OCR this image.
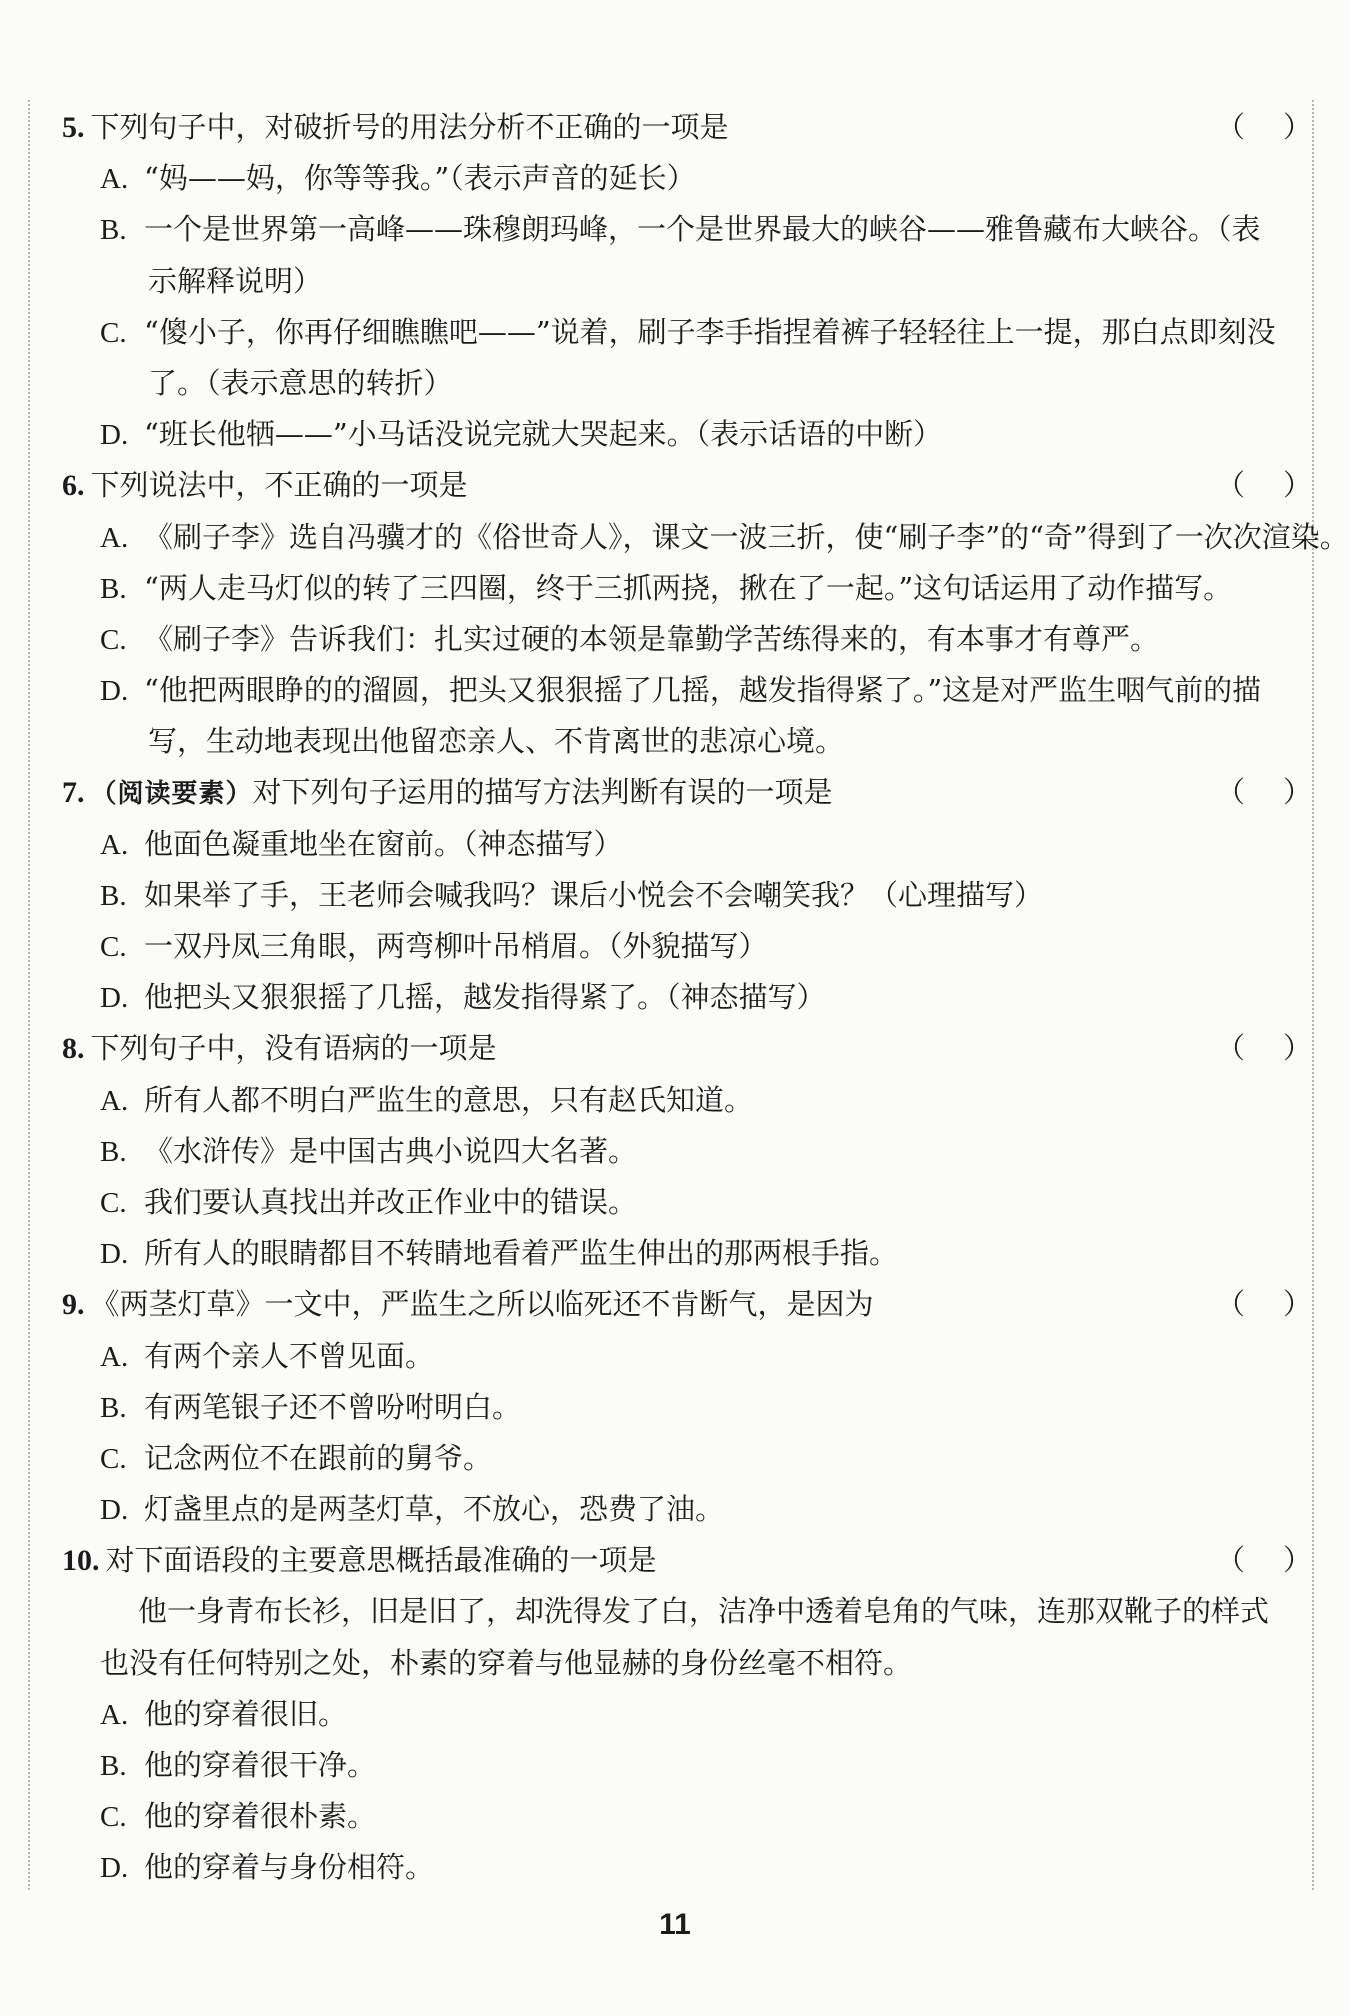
5. 下列句子中，对破折号的用法分析不正确的一项是	（ ）
A. “妈——妈，你等等我。”（表示声音的延长）
B. 一个是世界第一高峰——珠穆朗玛峰，一个是世界最大的峡谷——雅鲁藏布大峡谷。（表
示解释说明）
C. “傻小子，你再仔细瞧瞧吧——”说着，刷子李手指捏着裤子轻轻往上一提，那白点即刻没
了。（表示意思的转折）
D. “班长他牺——”小马话没说完就大哭起来。（表示话语的中断）
6. 下列说法中，不正确的一项是	（ ）
A. 《刷子李》选自冯骥才的《俗世奇人》，课文一波三折，使“刷子李”的“奇”得到了一次次渲染。
B. “两人走马灯似的转了三四圈，终于三抓两挠，揪在了一起。”这句话运用了动作描写。
C. 《刷子李》告诉我们：扎实过硬的本领是靠勤学苦练得来的，有本事才有尊严。
D. “他把两眼睁的的溜圆，把头又狠狠摇了几摇，越发指得紧了。”这是对严监生咽气前的描
写，生动地表现出他留恋亲人、不肯离世的悲凉心境。
7. （阅读要素）对下列句子运用的描写方法判断有误的一项是	（ ）
A. 他面色凝重地坐在窗前。（神态描写）
B. 如果举了手，王老师会喊我吗？课后小悦会不会嘲笑我？（心理描写）
C. 一双丹凤三角眼，两弯柳叶吊梢眉。（外貌描写）
D. 他把头又狠狠摇了几摇，越发指得紧了。（神态描写）
8. 下列句子中，没有语病的一项是	（ ）
A. 所有人都不明白严监生的意思，只有赵氏知道。
B. 《水浒传》是中国古典小说四大名著。
C. 我们要认真找出并改正作业中的错误。
D. 所有人的眼睛都目不转睛地看着严监生伸出的那两根手指。
9. 《两茎灯草》一文中，严监生之所以临死还不肯断气，是因为	（ ）
A. 有两个亲人不曾见面。
B. 有两笔银子还不曾吩咐明白。
C. 记念两位不在跟前的舅爷。
D. 灯盏里点的是两茎灯草，不放心，恐费了油。
10. 对下面语段的主要意思概括最准确的一项是	（ ）
他一身青布长衫，旧是旧了，却洗得发了白，洁净中透着皂角的气味，连那双靴子的样式
也没有任何特别之处，朴素的穿着与他显赫的身份丝毫不相符。
A. 他的穿着很旧。
B. 他的穿着很干净。
C. 他的穿着很朴素。
D. 他的穿着与身份相符。
11
